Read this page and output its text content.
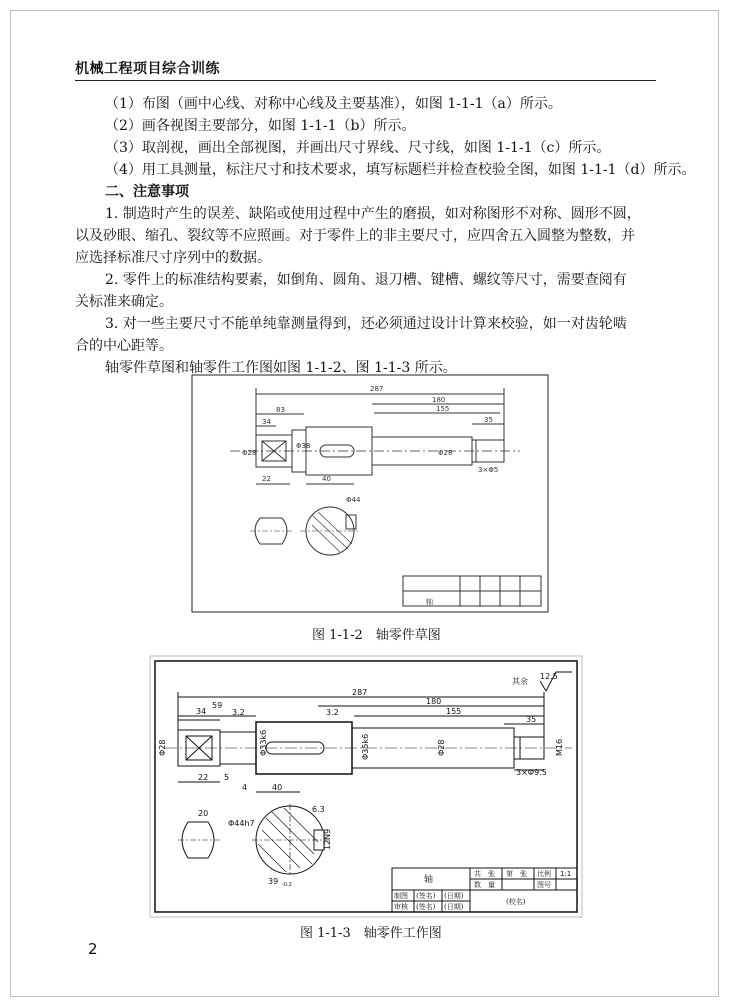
机械工程项目综合训练
（1）布图（画中心线、对称中心线及主要基准），如图 1-1-1（a）所示。
（2）画各视图主要部分，如图 1-1-1（b）所示。
（3）取剖视，画出全部视图，并画出尺寸界线、尺寸线，如图 1-1-1（c）所示。
（4）用工具测量，标注尺寸和技术要求，填写标题栏并检查校验全图，如图 1-1-1（d）所示。
二、注意事项
1. 制造时产生的误差、缺陷或使用过程中产生的磨损，如对称图形不对称、圆形不圆，
以及砂眼、缩孔、裂纹等不应照画。对于零件上的非主要尺寸，应四舍五入圆整为整数，并
应选择标准尺寸序列中的数据。
2. 零件上的标准结构要素，如倒角、圆角、退刀槽、键槽、螺纹等尺寸，需要查阅有
关标准来确定。
3. 对一些主要尺寸不能单纯靠测量得到，还必须通过设计计算来校验，如一对齿轮啮
合的中心距等。
轴零件草图和轴零件工作图如图 1-1-2、图 1-1-3 所示。
287
180
155
83
34	35
22	40
3×Φ5
Φ44
Φ28
Φ38
Φ28
轴
图 1-1-2　轴零件草图
其余
12.5
287
180
155
59
34
35
3.2	3.2
22 5
4	40
3×Φ9.5
20
Φ44h7
6.3
39 -0.2
Φ28	Φ33k6	Φ35k6	Φ28	M16
12N9
轴
共　张 第　张 比例 1:1
数　量	图号
制图 (签名) (日期)
审核 (签名) (日期)
(校名)
图 1-1-3　轴零件工作图
2
